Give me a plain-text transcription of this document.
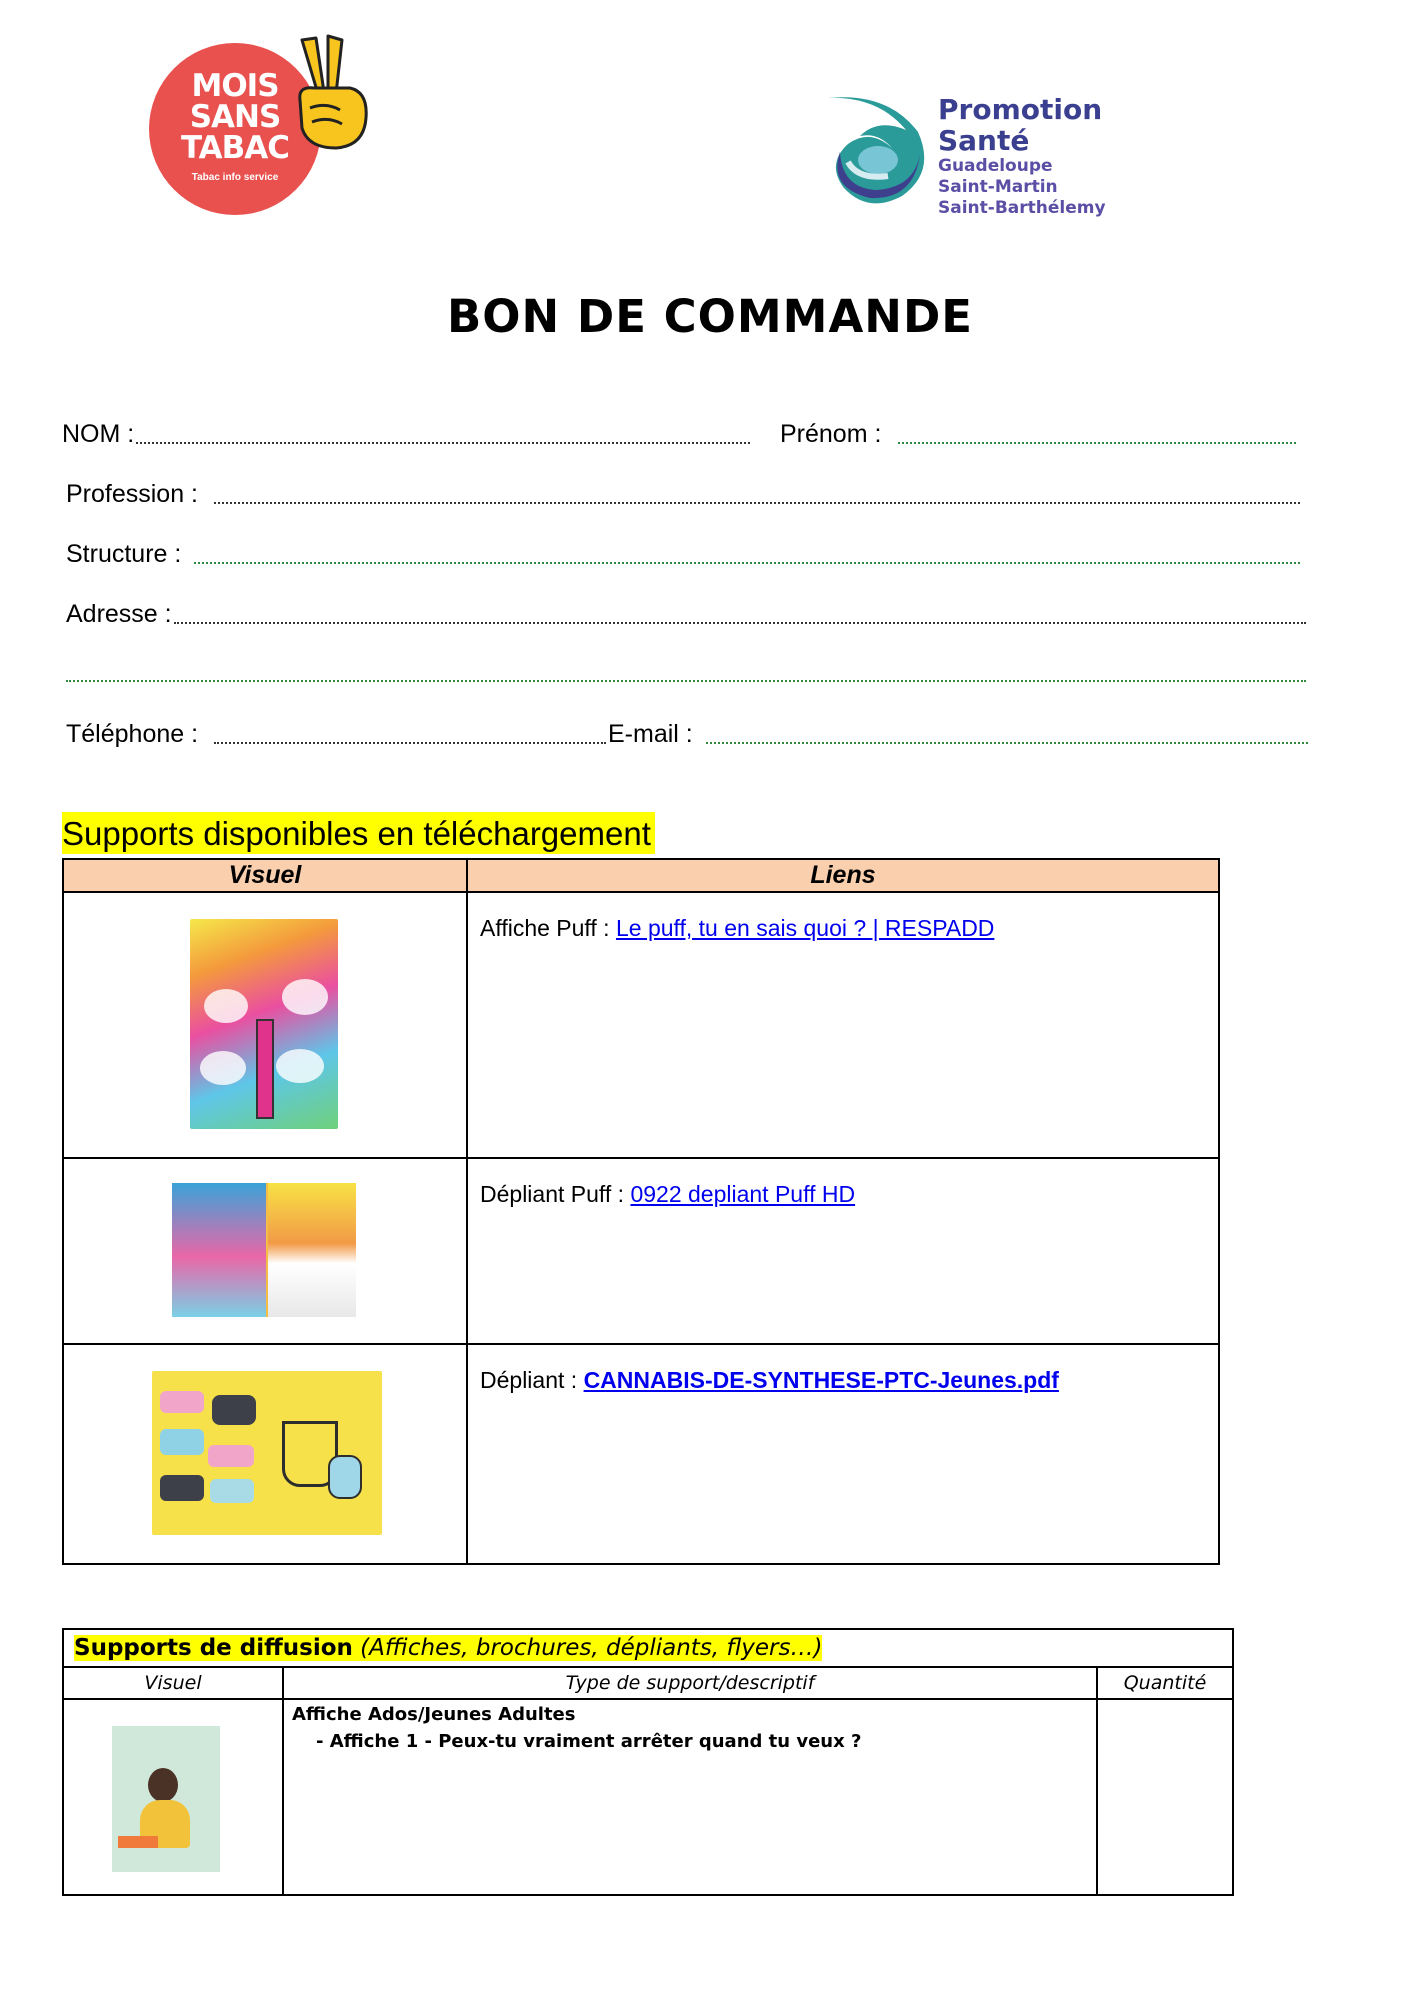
MOIS
SANS
TABAC
Tabac info service
Promotion
Santé
Guadeloupe
Saint-Martin
Saint-Barthélemy
BON DE COMMANDE
NOM :	Prénom :
Profession :
Structure :
Adresse :
Téléphone :	E-mail :
Supports disponibles en téléchargement
Visuel	Liens

	Affiche Puff : Le puff, tu en sais quoi ? | RESPADD

	Dépliant Puff : 0922 depliant Puff HD

	Dépliant : CANNABIS-DE-SYNTHESE-PTC-Jeunes.pdf
Supports de diffusion (Affiches, brochures, dépliants, flyers…)		
Visuel	Type de support/descriptif	Quantité

	Affiche Ados/Jeunes Adultes
- Affiche 1 - Peux-tu vraiment arrêter quand tu veux ?	
